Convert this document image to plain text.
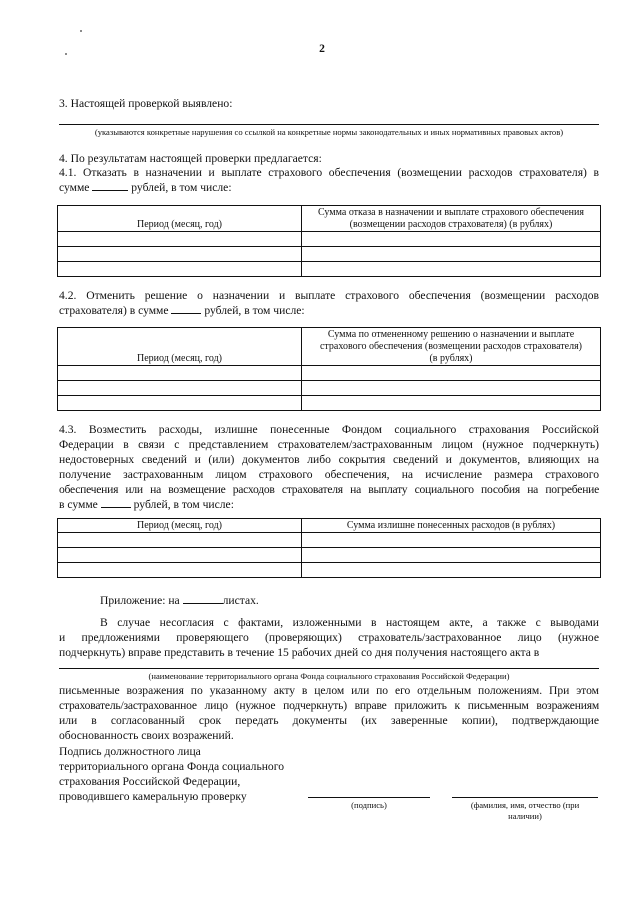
2
3. Настоящей проверкой выявлено:
(указываются конкретные нарушения со ссылкой на конкретные нормы законодательных и иных нормативных правовых актов)
4. По результатам настоящей проверки предлагается:
4.1. Отказать в назначении и выплате страхового обеспечения (возмещении расходов страхователя) в
сумме	рублей, в том числе:
Период (месяц, год)	Сумма отказа в назначении и выплате страхового обеспечения
(возмещении расходов страхователя) (в рублях)

4.2. Отменить решение о назначении и выплате страхового обеспечения (возмещении расходов
страхователя) в сумме	рублей, в том числе:
Период (месяц, год)	Сумма по отмененному решению о назначении и выплате
страхового обеспечения (возмещении расходов страхователя)
(в рублях)

4.3. Возместить расходы, излишне понесенные Фондом социального страхования Российской
Федерации в связи с представлением страхователем/застрахованным лицом (нужное подчеркнуть)
недостоверных сведений и (или) документов либо сокрытия сведений и документов, влияющих на
получение застрахованным лицом страхового обеспечения, на исчисление размера страхового
обеспечения или на возмещение расходов страхователя на выплату социального пособия на погребение
в сумме	рублей, в том числе:
Период (месяц, год)	Сумма излишне понесенных расходов (в рублях)

Приложение: на	листах.
В случае несогласия с фактами, изложенными в настоящем акте, а также с выводами
и предложениями проверяющего (проверяющих) страхователь/застрахованное лицо (нужное
подчеркнуть) вправе представить в течение 15 рабочих дней со дня получения настоящего акта в
(наименование территориального органа Фонда социального страхования Российской Федерации)
письменные возражения по указанному акту в целом или по его отдельным положениям. При этом
страхователь/застрахованное лицо (нужное подчеркнуть) вправе приложить к письменным возражениям
или в согласованный срок передать документы (их заверенные копии), подтверждающие
обоснованность своих возражений.
Подпись должностного лица
территориального органа Фонда социального
страхования Российской Федерации,
проводившего камеральную проверку
(подпись)	(фамилия, имя, отчество (при
наличии)
